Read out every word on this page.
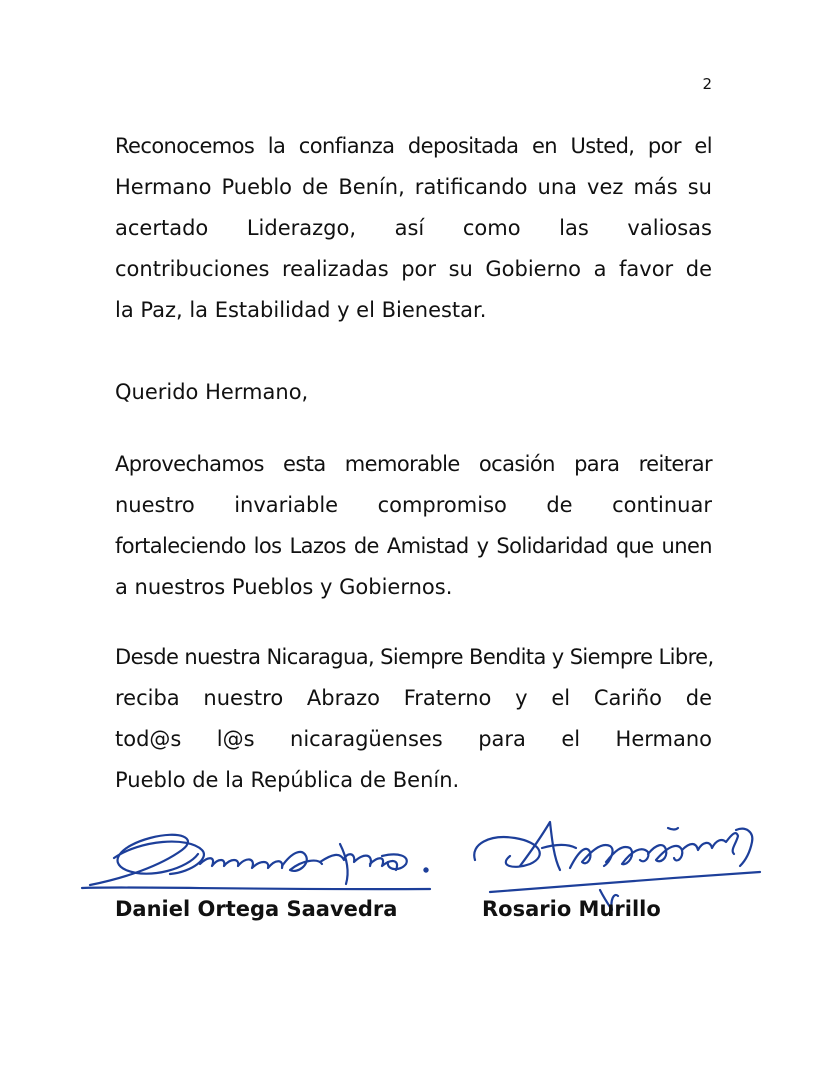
2

Reconocemos la confianza depositada en Usted, por el
Hermano Pueblo de Benín, ratificando una vez más su
acertado Liderazgo, así como las valiosas
contribuciones realizadas por su Gobierno a favor de
la Paz, la Estabilidad y el Bienestar.

Querido Hermano,

Aprovechamos esta memorable ocasión para reiterar
nuestro invariable compromiso de continuar
fortaleciendo los Lazos de Amistad y Solidaridad que unen
a nuestros Pueblos y Gobiernos.

Desde nuestra Nicaragua, Siempre Bendita y Siempre Libre,
reciba nuestro Abrazo Fraterno y el Cariño de
tod@s l@s nicaragüenses para el Hermano
Pueblo de la República de Benín.

Daniel Ortega Saavedra	Rosario Murillo
